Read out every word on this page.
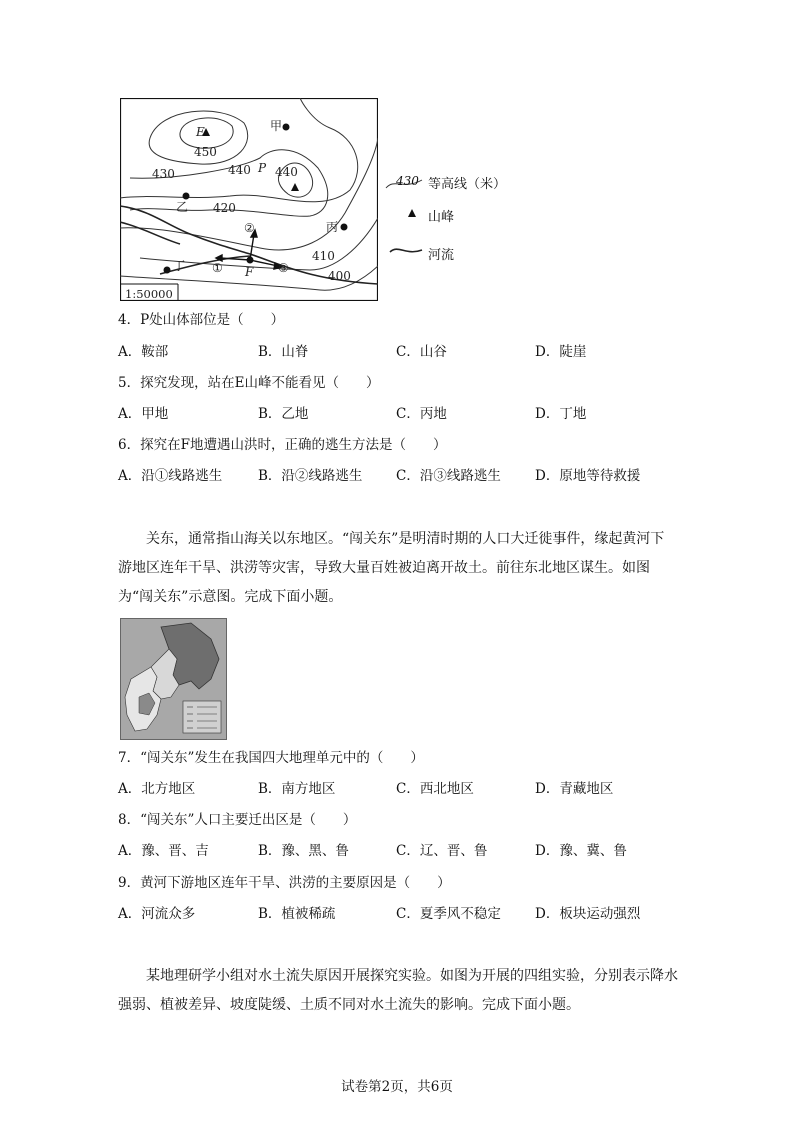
E
450
440 P 440
430
420
410
400
甲
乙
丙
丁	F
①
②
③
1:50000
430 等高线（米）
山峰
河流
4．P处山体部位是（　　）
A．鞍部	B．山脊	C．山谷	D．陡崖
5．探究发现，站在E山峰不能看见（　　）
A．甲地	B．乙地	C．丙地	D．丁地
6．探究在F地遭遇山洪时，正确的逃生方法是（　　）
A．沿①线路逃生	B．沿②线路逃生 C．沿③线路逃生	D．原地等待救援
关东，通常指山海关以东地区。“闯关东”是明清时期的人口大迁徙事件，缘起黄河下游地区连年干旱、洪涝等灾害，导致大量百姓被迫离开故土。前往东北地区谋生。如图为“闯关东”示意图。完成下面小题。
7．“闯关东”发生在我国四大地理单元中的（　　）
A．北方地区	B．南方地区	C．西北地区	D．青藏地区
8．“闯关东”人口主要迁出区是（　　）
A．豫、晋、吉	B．豫、黑、鲁	C．辽、晋、鲁	D．豫、冀、鲁
9．黄河下游地区连年干旱、洪涝的主要原因是（　　）
A．河流众多	B．植被稀疏	C．夏季风不稳定	D．板块运动强烈
某地理研学小组对水土流失原因开展探究实验。如图为开展的四组实验，分别表示降水强弱、植被差异、坡度陡缓、土质不同对水土流失的影响。完成下面小题。
试卷第2页，共6页
